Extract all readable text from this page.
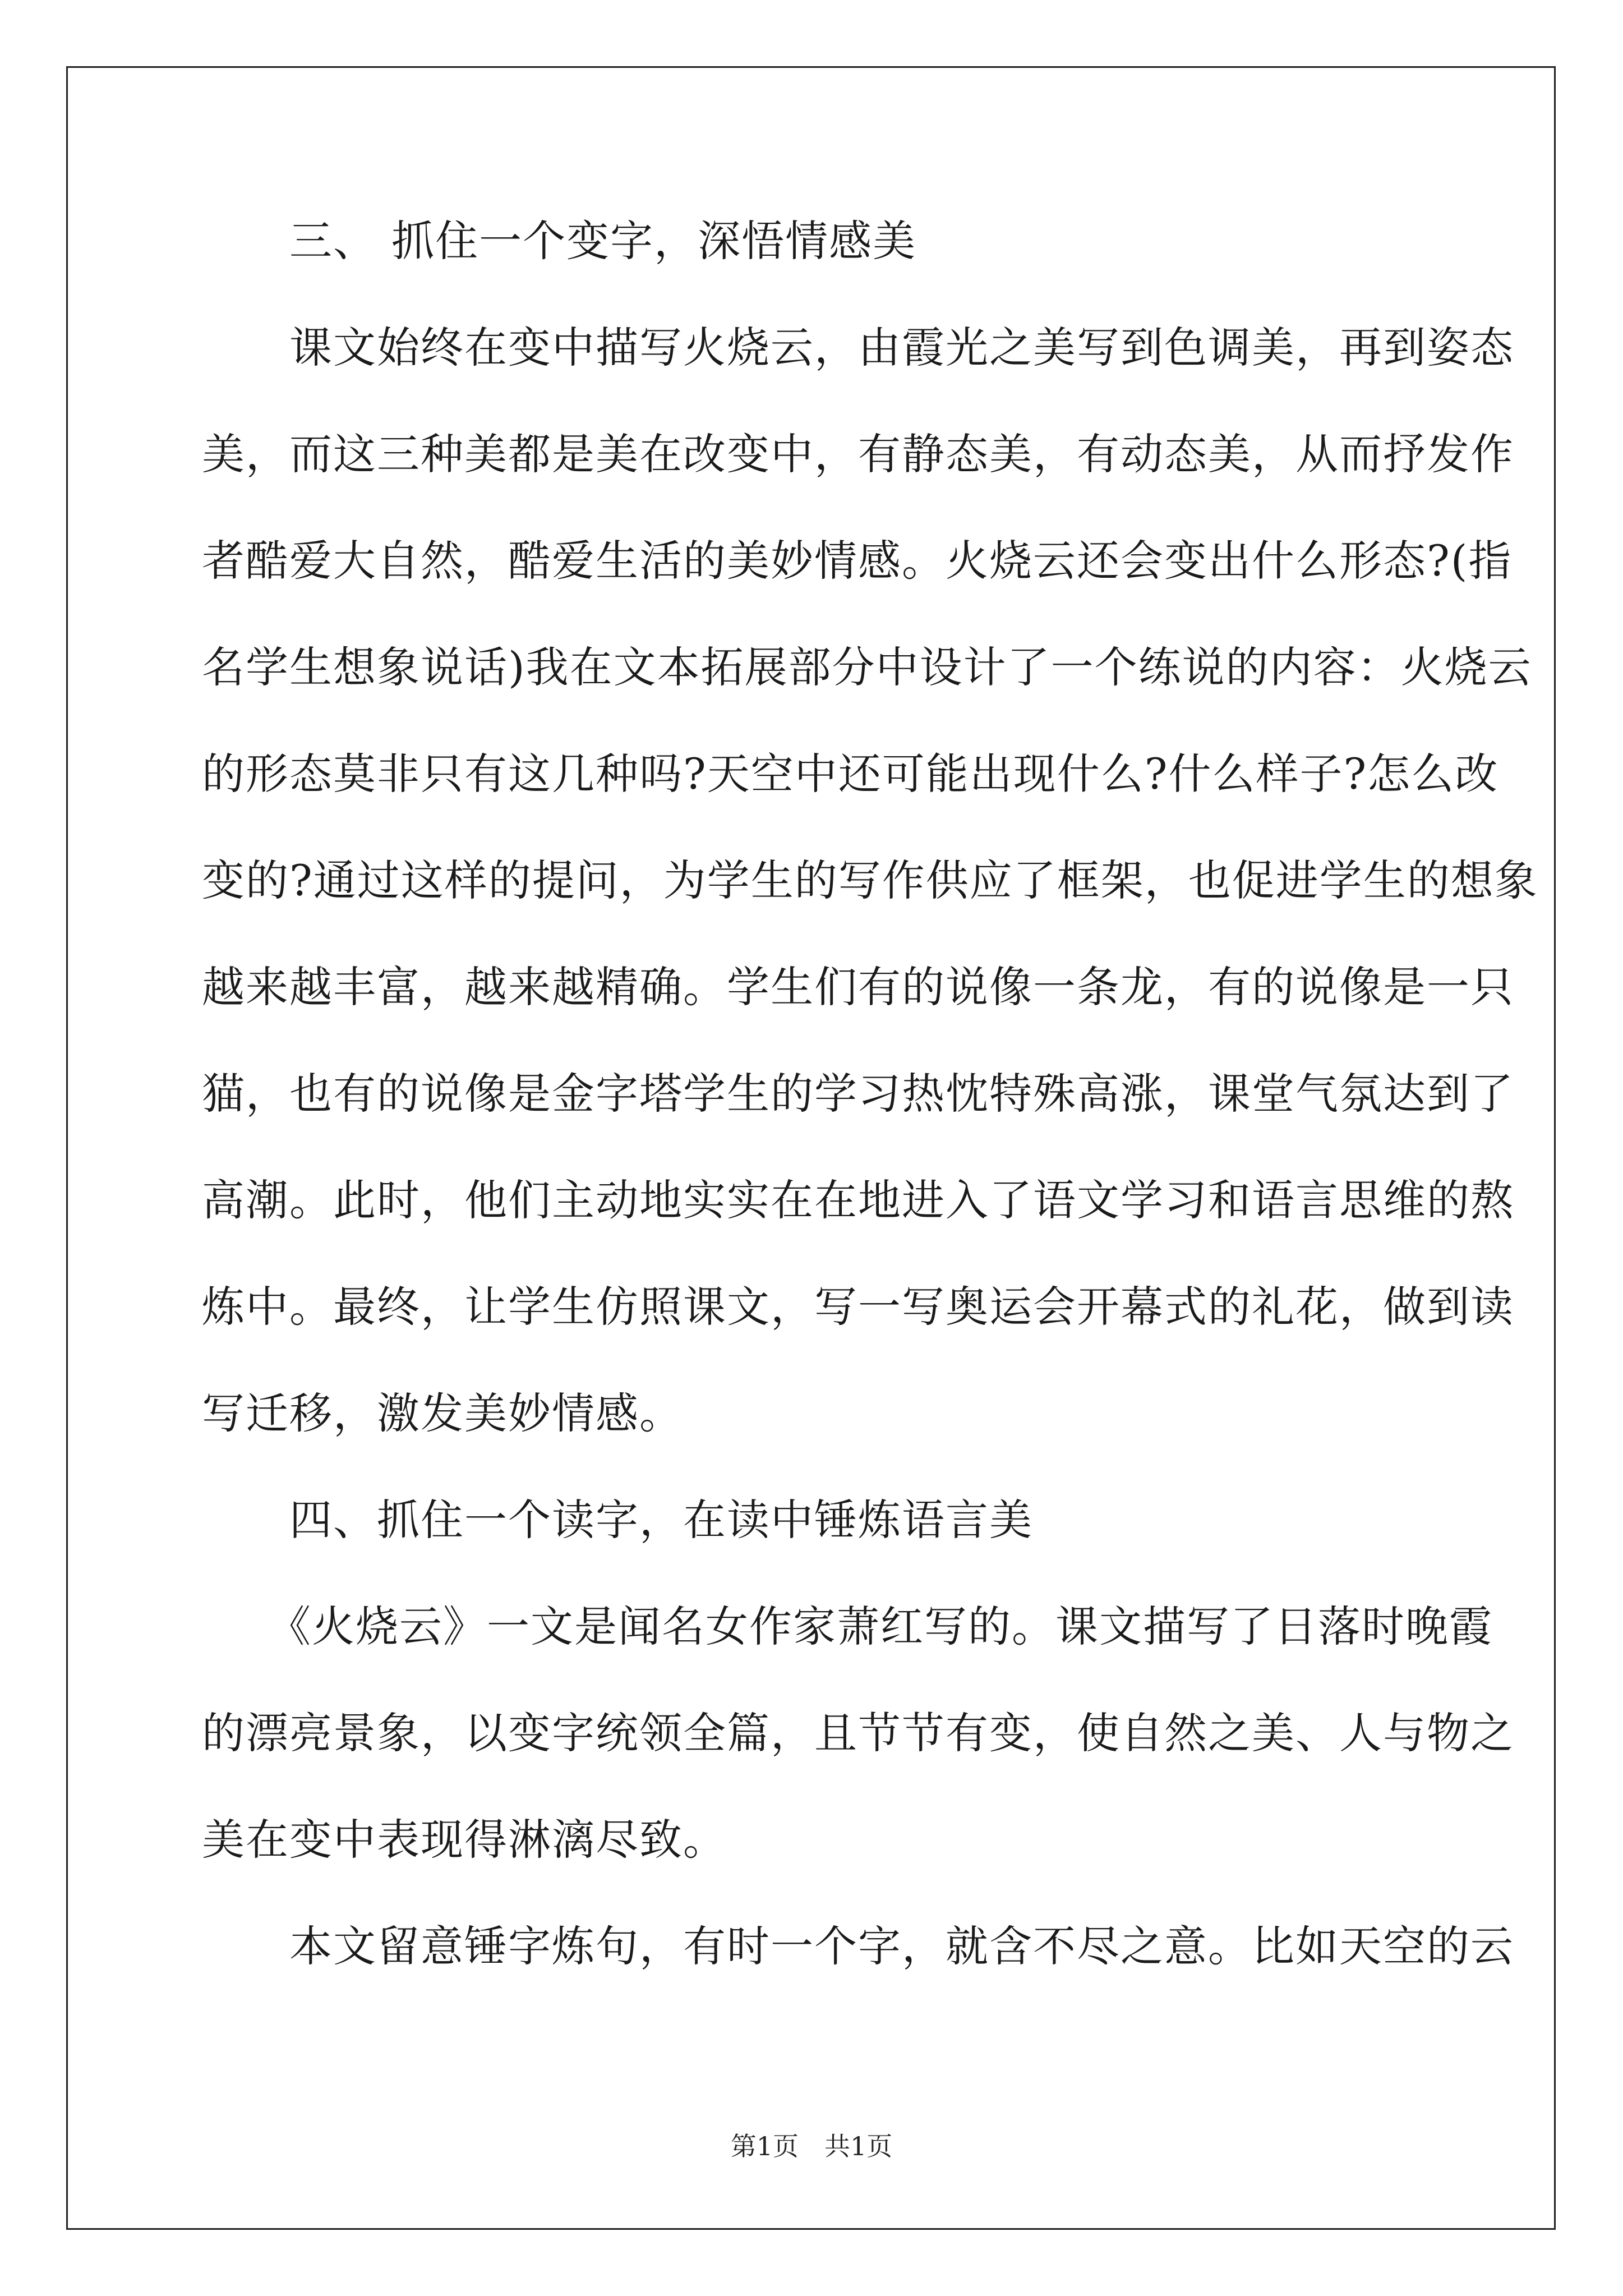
　　三、 抓住一个变字，深悟情感美
　　课文始终在变中描写火烧云，由霞光之美写到色调美，再到姿态
美，而这三种美都是美在改变中，有静态美，有动态美，从而抒发作
者酷爱大自然，酷爱生活的美妙情感。火烧云还会变出什么形态?(指
名学生想象说话)我在文本拓展部分中设计了一个练说的内容：火烧云
的形态莫非只有这几种吗?天空中还可能出现什么?什么样子?怎么改
变的?通过这样的提问，为学生的写作供应了框架，也促进学生的想象
越来越丰富，越来越精确。学生们有的说像一条龙，有的说像是一只
猫，也有的说像是金字塔学生的学习热忱特殊高涨，课堂气氛达到了
高潮。此时，他们主动地实实在在地进入了语文学习和语言思维的熬
炼中。最终，让学生仿照课文，写一写奥运会开幕式的礼花，做到读
写迁移，激发美妙情感。
　　四、抓住一个读字，在读中锤炼语言美
　　《火烧云》一文是闻名女作家萧红写的。课文描写了日落时晚霞
的漂亮景象，以变字统领全篇，且节节有变，使自然之美、人与物之
美在变中表现得淋漓尽致。
　　本文留意锤字炼句，有时一个字，就含不尽之意。比如天空的云
第1页　共1页
